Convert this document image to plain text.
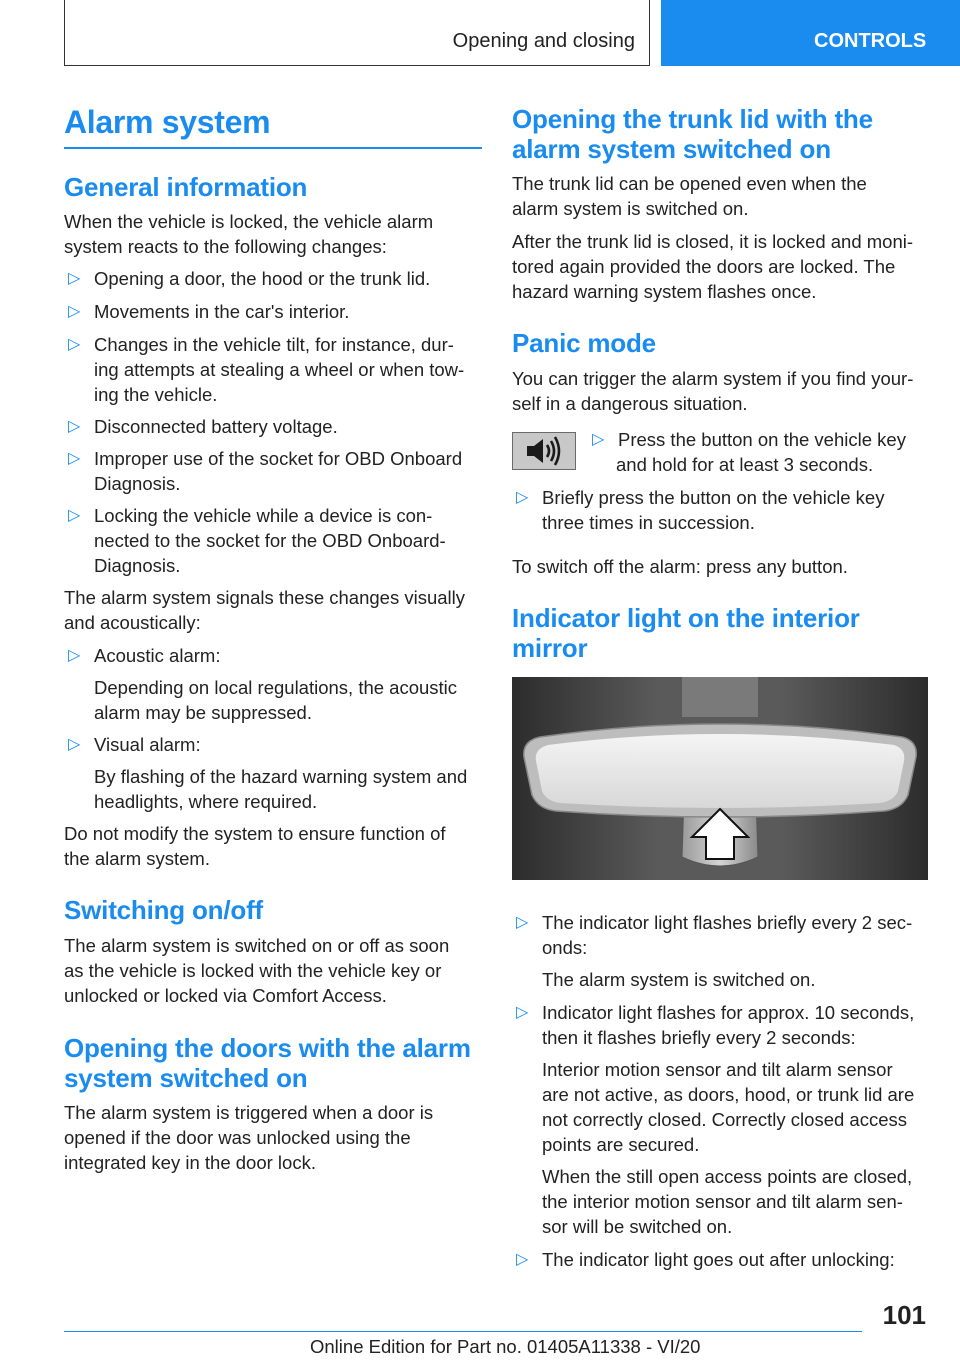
Opening and closing	CONTROLS
Alarm system
General information
When the vehicle is locked, the vehicle alarm
system reacts to the following changes:
▷ Opening a door, the hood or the trunk lid.
▷ Movements in the car's interior.
▷ Changes in the vehicle tilt, for instance, dur-
ing attempts at stealing a wheel or when tow-
ing the vehicle.
▷ Disconnected battery voltage.
▷ Improper use of the socket for OBD Onboard
Diagnosis.
▷ Locking the vehicle while a device is con-
nected to the socket for the OBD Onboard-
Diagnosis.
The alarm system signals these changes visually
and acoustically:
▷ Acoustic alarm:
Depending on local regulations, the acoustic
alarm may be suppressed.
▷ Visual alarm:
By flashing of the hazard warning system and
headlights, where required.
Do not modify the system to ensure function of
the alarm system.
Switching on/off
The alarm system is switched on or off as soon
as the vehicle is locked with the vehicle key or
unlocked or locked via Comfort Access.
Opening the doors with the alarm
system switched on
The alarm system is triggered when a door is
opened if the door was unlocked using the
integrated key in the door lock.
Opening the trunk lid with the
alarm system switched on
The trunk lid can be opened even when the
alarm system is switched on.
After the trunk lid is closed, it is locked and moni-
tored again provided the doors are locked. The
hazard warning system flashes once.
Panic mode
You can trigger the alarm system if you find your-
self in a dangerous situation.
▷ Press the button on the vehicle key
and hold for at least 3 seconds.
▷ Briefly press the button on the vehicle key
three times in succession.
To switch off the alarm: press any button.
Indicator light on the interior
mirror
▷ The indicator light flashes briefly every 2 sec-
onds:
The alarm system is switched on.
▷ Indicator light flashes for approx. 10 seconds,
then it flashes briefly every 2 seconds:
Interior motion sensor and tilt alarm sensor
are not active, as doors, hood, or trunk lid are
not correctly closed. Correctly closed access
points are secured.
When the still open access points are closed,
the interior motion sensor and tilt alarm sen-
sor will be switched on.
▷ The indicator light goes out after unlocking:
101
Online Edition for Part no. 01405A11338 - VI/20
